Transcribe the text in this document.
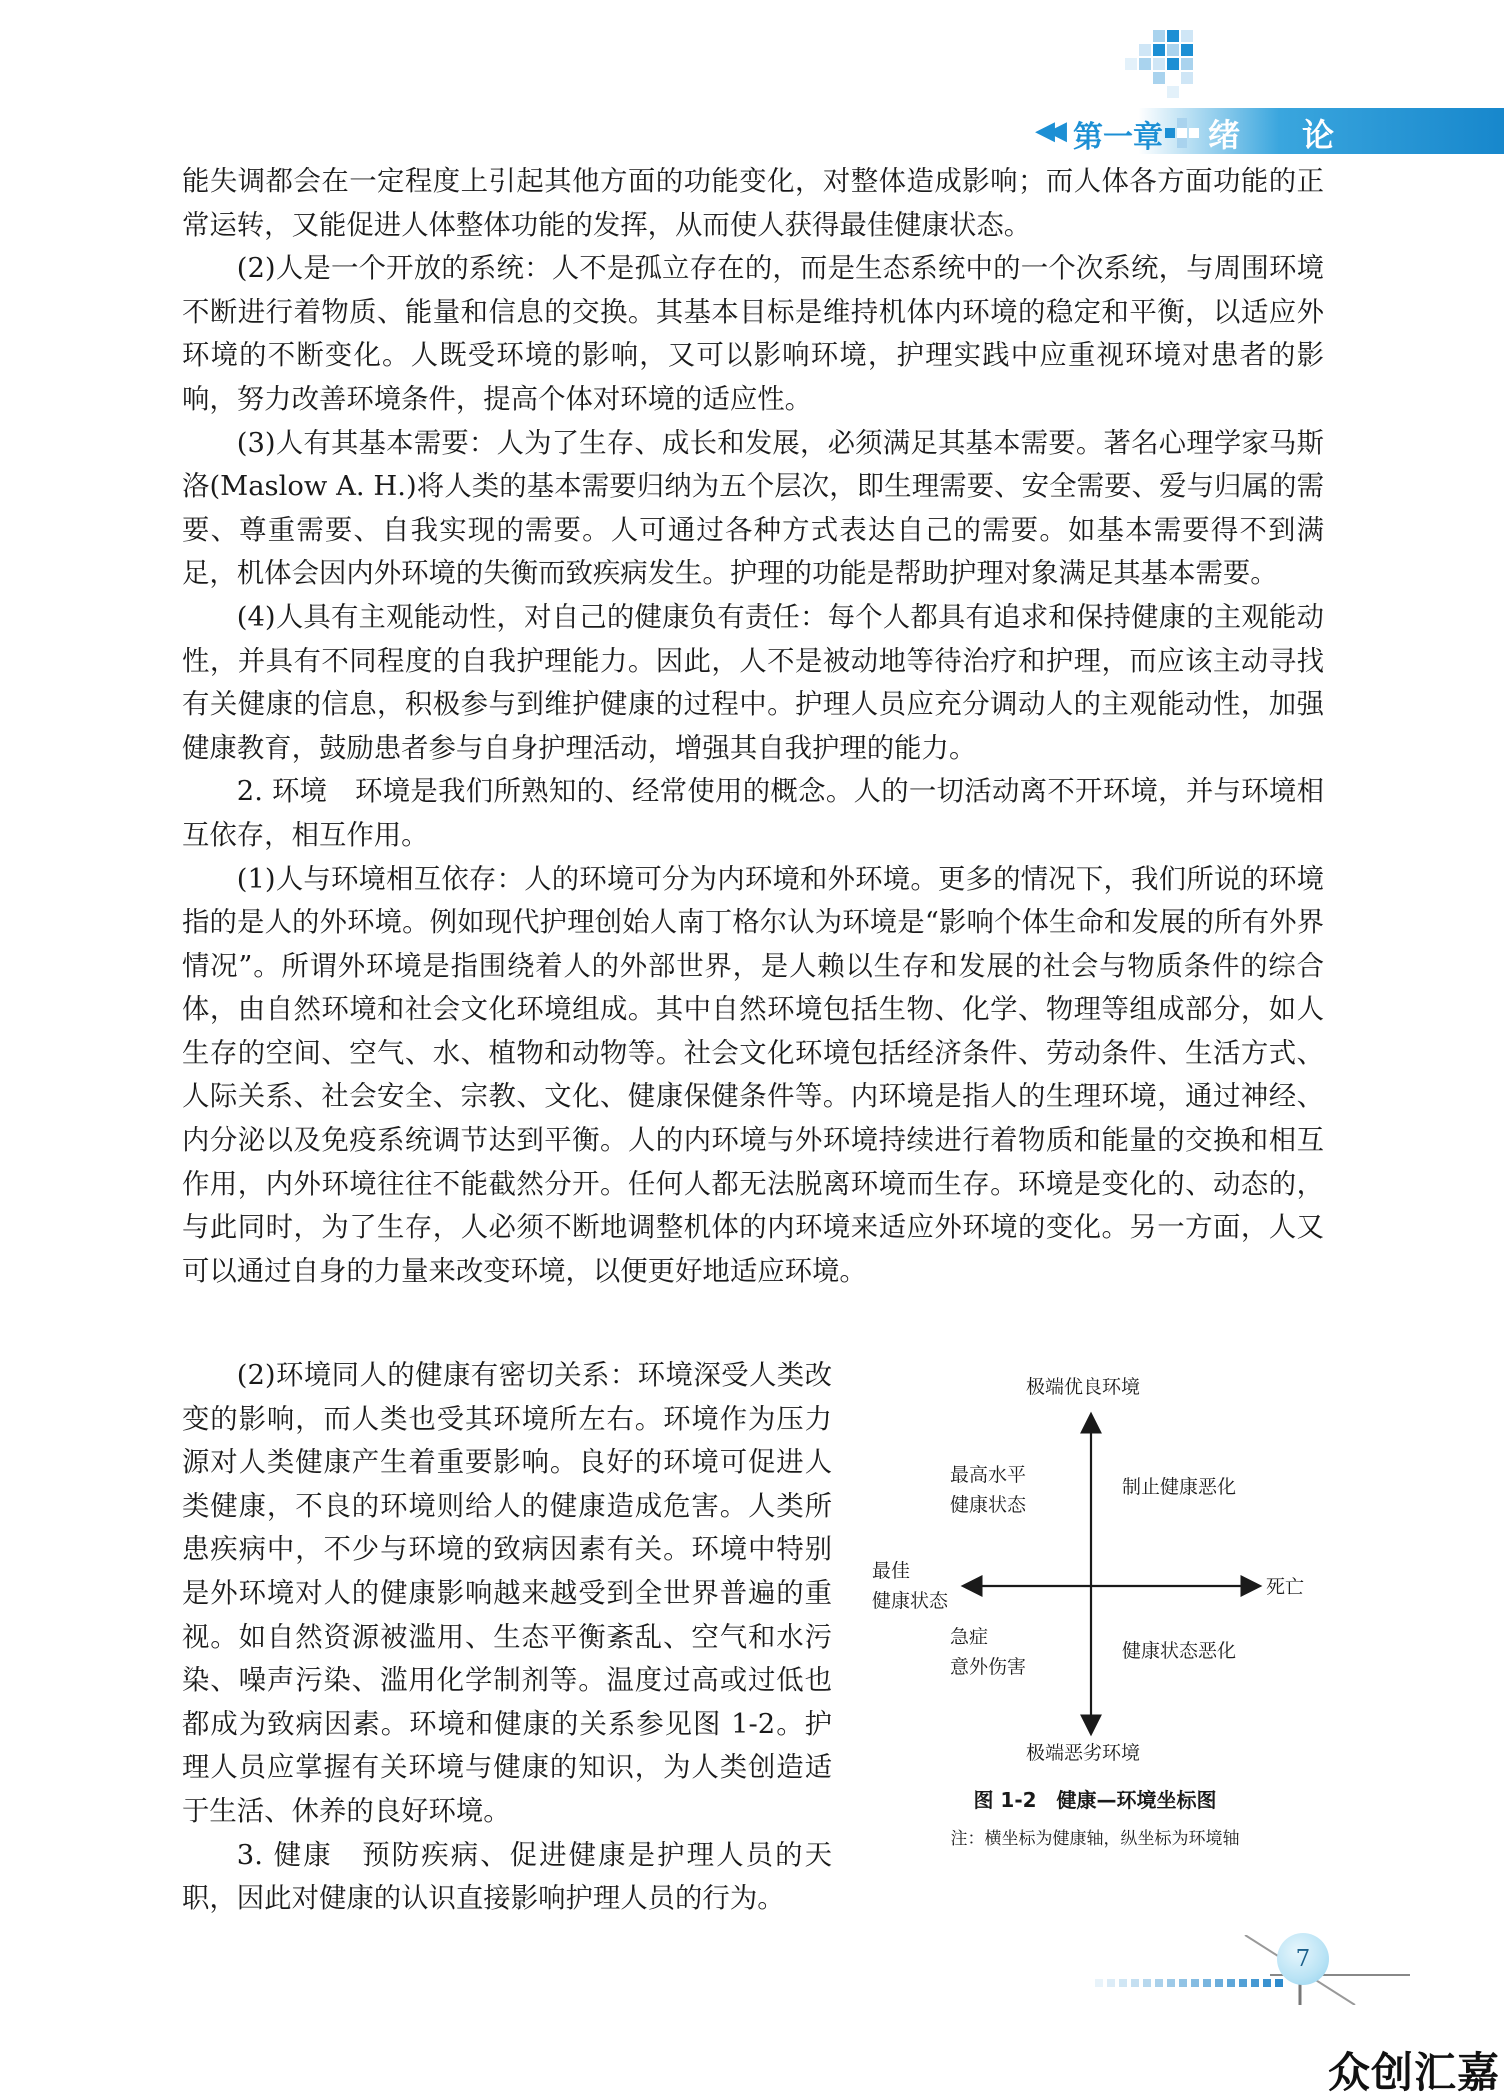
◀◀ 第一章 绪论

能失调都会在一定程度上引起其他方面的功能变化，对整体造成影响；而人体各方面功能的正常运转，又能促进人体整体功能的发挥，从而使人获得最佳健康状态。

(2)人是一个开放的系统：人不是孤立存在的，而是生态系统中的一个次系统，与周围环境不断进行着物质、能量和信息的交换。其基本目标是维持机体内环境的稳定和平衡，以适应外环境的不断变化。人既受环境的影响，又可以影响环境，护理实践中应重视环境对患者的影响，努力改善环境条件，提高个体对环境的适应性。

(3)人有其基本需要：人为了生存、成长和发展，必须满足其基本需要。著名心理学家马斯洛(Maslow A. H.)将人类的基本需要归纳为五个层次，即生理需要、安全需要、爱与归属的需要、尊重需要、自我实现的需要。人可通过各种方式表达自己的需要。如基本需要得不到满足，机体会因内外环境的失衡而致疾病发生。护理的功能是帮助护理对象满足其基本需要。

(4)人具有主观能动性，对自己的健康负有责任：每个人都具有追求和保持健康的主观能动性，并具有不同程度的自我护理能力。因此，人不是被动地等待治疗和护理，而应该主动寻找有关健康的信息，积极参与到维护健康的过程中。护理人员应充分调动人的主观能动性，加强健康教育，鼓励患者参与自身护理活动，增强其自我护理的能力。

2. 环境　环境是我们所熟知的、经常使用的概念。人的一切活动离不开环境，并与环境相互依存，相互作用。

(1)人与环境相互依存：人的环境可分为内环境和外环境。更多的情况下，我们所说的环境指的是人的外环境。例如现代护理创始人南丁格尔认为环境是“影响个体生命和发展的所有外界情况”。所谓外环境是指围绕着人的外部世界，是人赖以生存和发展的社会与物质条件的综合体，由自然环境和社会文化环境组成。其中自然环境包括生物、化学、物理等组成部分，如人生存的空间、空气、水、植物和动物等。社会文化环境包括经济条件、劳动条件、生活方式、人际关系、社会安全、宗教、文化、健康保健条件等。内环境是指人的生理环境，通过神经、内分泌以及免疫系统调节达到平衡。人的内环境与外环境持续进行着物质和能量的交换和相互作用，内外环境往往不能截然分开。任何人都无法脱离环境而生存。环境是变化的、动态的，与此同时，为了生存，人必须不断地调整机体的内环境来适应外环境的变化。另一方面，人又可以通过自身的力量来改变环境，以便更好地适应环境。

(2)环境同人的健康有密切关系：环境深受人类改变的影响，而人类也受其环境所左右。环境作为压力源对人类健康产生着重要影响。良好的环境可促进人类健康，不良的环境则给人的健康造成危害。人类所患疾病中，不少与环境的致病因素有关。环境中特别是外环境对人的健康影响越来越受到全世界普遍的重视。如自然资源被滥用、生态平衡紊乱、空气和水污染、噪声污染、滥用化学制剂等。温度过高或过低也都成为致病因素。环境和健康的关系参见图 1-2。护理人员应掌握有关环境与健康的知识，为人类创造适于生活、休养的良好环境。

3. 健康　预防疾病、促进健康是护理人员的天职，因此对健康的认识直接影响护理人员的行为。

极端优良环境
极端恶劣环境
最佳
健康状态
死亡
最高水平
健康状态
制止健康恶化
急症
意外伤害
健康状态恶化
图 1-2　健康—环境坐标图
注：横坐标为健康轴，纵坐标为环境轴
7
众创汇嘉
